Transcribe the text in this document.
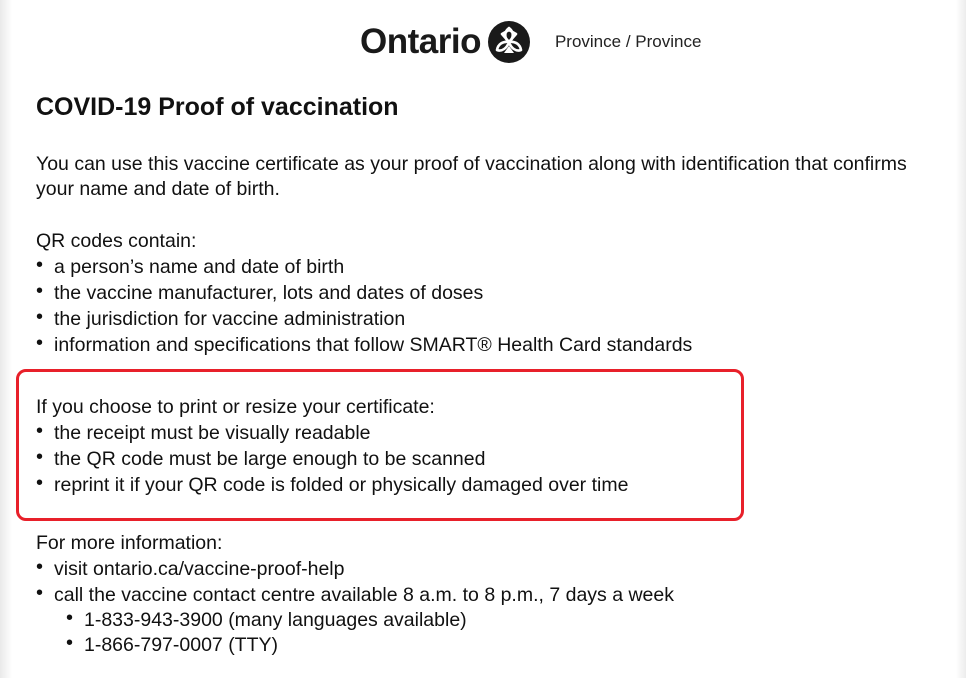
Ontario	Province / Province
COVID-19 Proof of vaccination

You can use this vaccine certificate as your proof of vaccination along with identification that confirms your name and date of birth.

QR codes contain:

• a person’s name and date of birth
• the vaccine manufacturer, lots and dates of doses
• the jurisdiction for vaccine administration
• information and specifications that follow SMART® Health Card standards

If you choose to print or resize your certificate:

• the receipt must be visually readable
• the QR code must be large enough to be scanned
• reprint it if your QR code is folded or physically damaged over time

For more information:

• visit ontario.ca/vaccine-proof-help
• call the vaccine contact centre available 8 a.m. to 8 p.m., 7 days a week
• 1-833-943-3900 (many languages available)
• 1-866-797-0007 (TTY)
